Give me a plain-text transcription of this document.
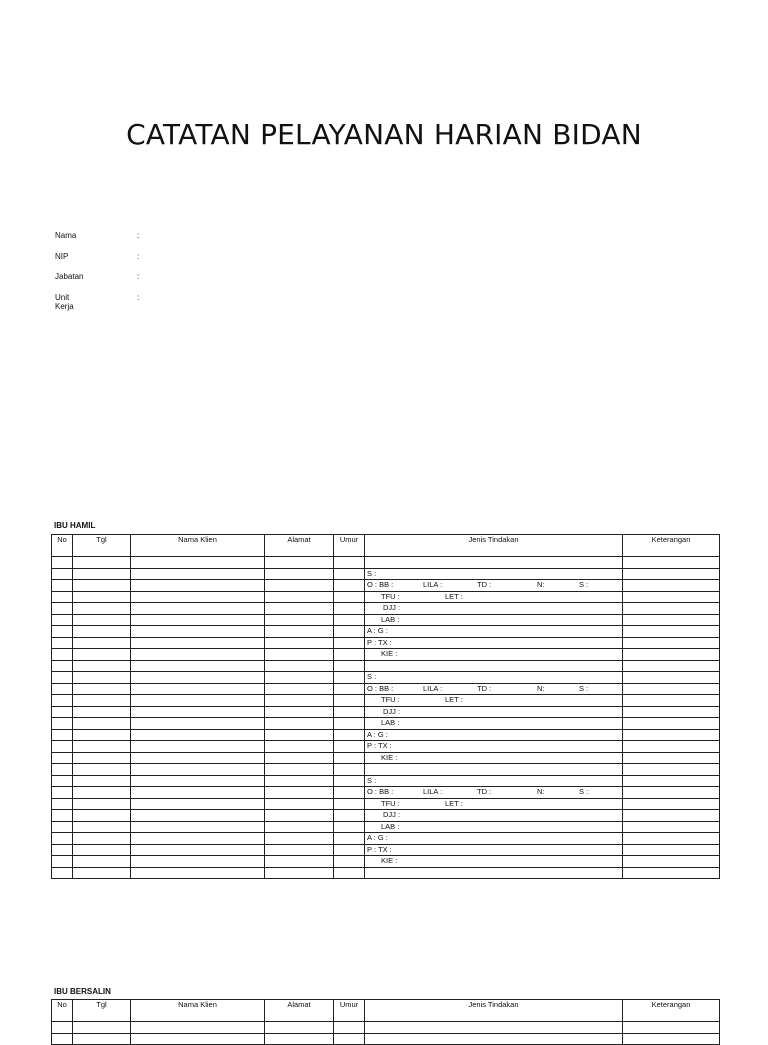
CATATAN PELAYANAN HARIAN BIDAN
Nama	:
NIP	:
Jabatan	:
Unit Kerja
:
IBU HAMIL
No	Tgl	Nama Klien	Alamat	Umur	Jenis Tindakan	Keterangan

					S :	

					O : BB : LILA : TD : N: S :	

					TFU : LET :	

					DJJ :	

					LAB :	

					A : G :	

					P : TX :	

					KIE :	

					S :	

					O : BB : LILA : TD : N: S :	

					TFU : LET :	

					DJJ :	

					LAB :	

					A : G :	

					P : TX :	

					KIE :	

					S :	

					O : BB : LILA : TD : N: S :	

					TFU : LET :	

					DJJ :	

					LAB :	

					A : G :	

					P : TX :	

					KIE :	

IBU BERSALIN
No	Tgl	Nama Klien	Alamat	Umur	Jenis Tindakan	Keterangan
